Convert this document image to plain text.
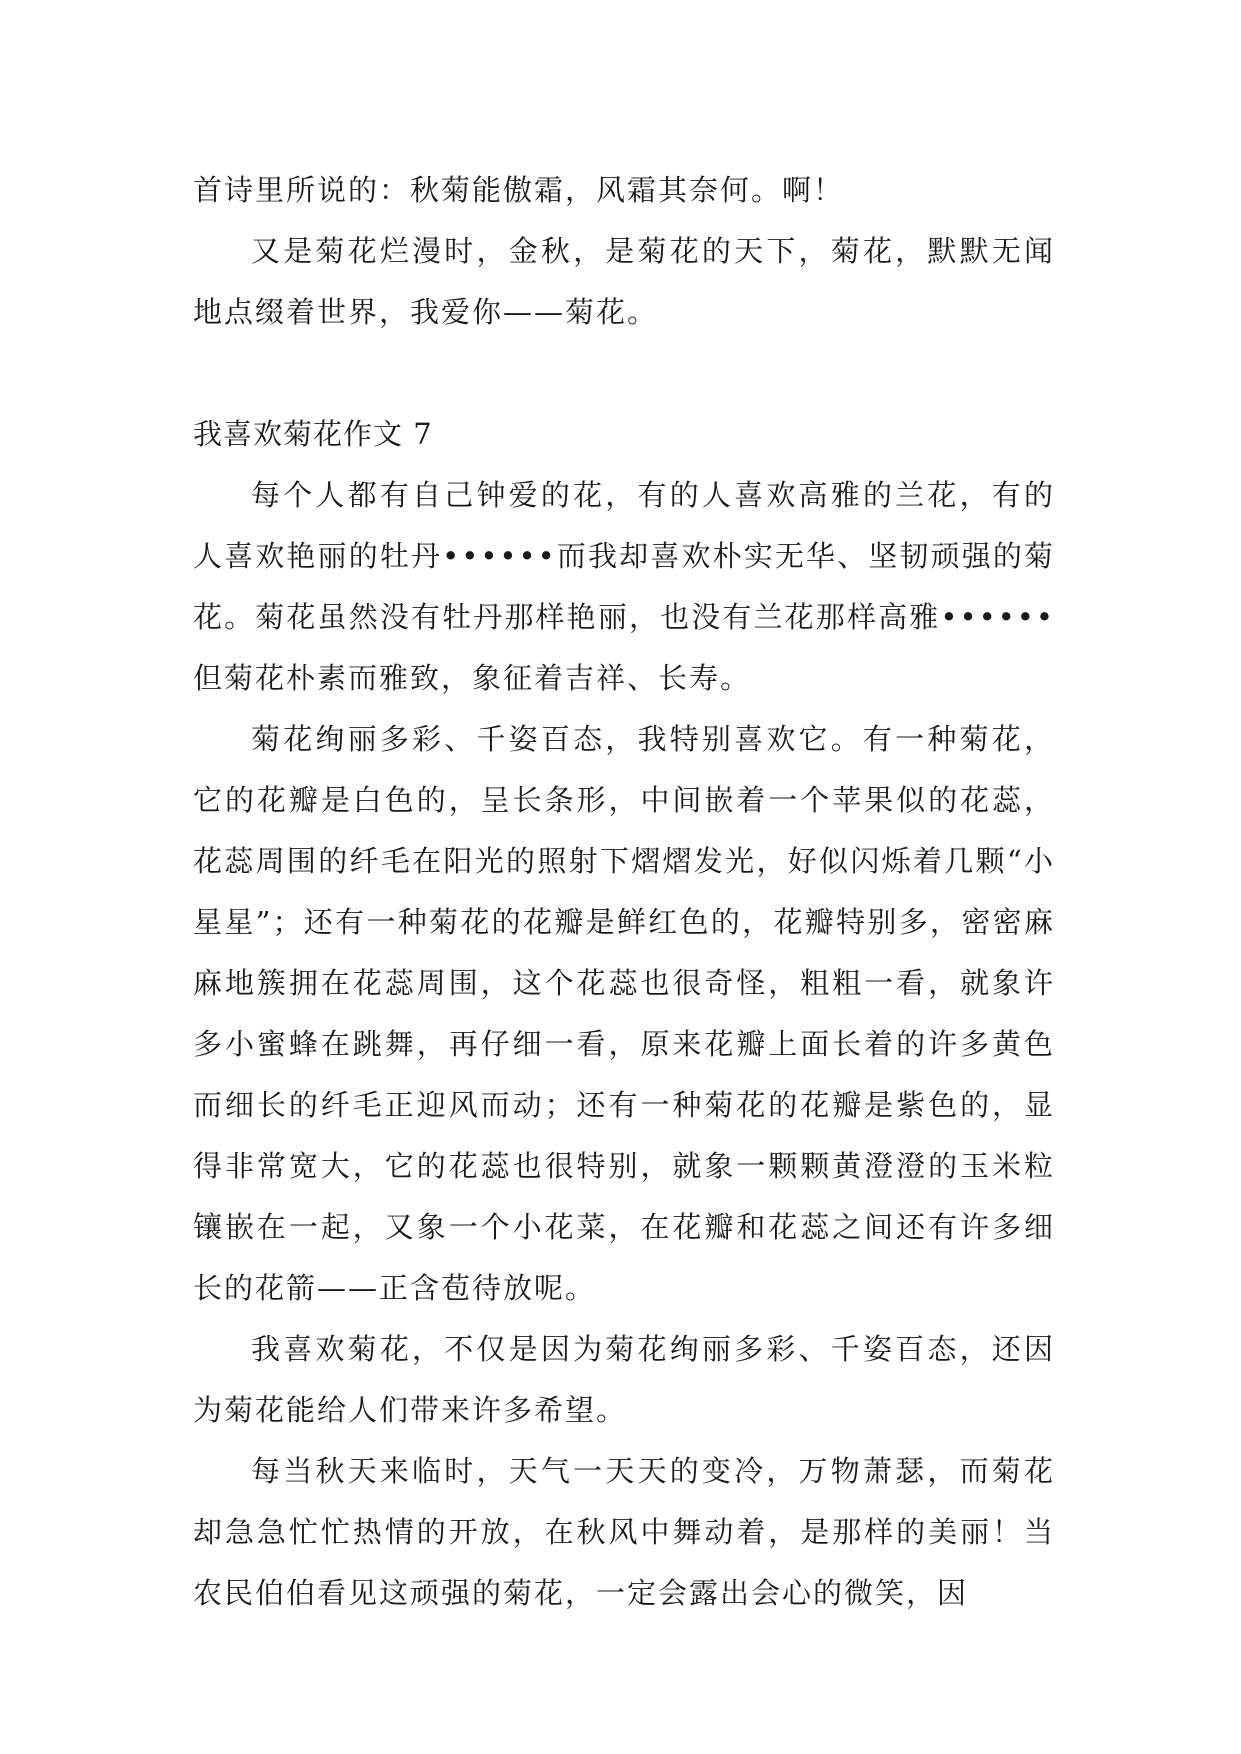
首诗里所说的：秋菊能傲霜，风霜其奈何。啊！

又是菊花烂漫时，金秋，是菊花的天下，菊花，默默无闻地点缀着世界，我爱你——菊花。

我喜欢菊花作文 7

每个人都有自己钟爱的花，有的人喜欢高雅的兰花，有的人喜欢艳丽的牡丹••••••而我却喜欢朴实无华、坚韧顽强的菊花。菊花虽然没有牡丹那样艳丽，也没有兰花那样高雅••••••但菊花朴素而雅致，象征着吉祥、长寿。

菊花绚丽多彩、千姿百态，我特别喜欢它。有一种菊花，它的花瓣是白色的，呈长条形，中间嵌着一个苹果似的花蕊，花蕊周围的纤毛在阳光的照射下熠熠发光，好似闪烁着几颗“小星星”；还有一种菊花的花瓣是鲜红色的，花瓣特别多，密密麻麻地簇拥在花蕊周围，这个花蕊也很奇怪，粗粗一看，就象许多小蜜蜂在跳舞，再仔细一看，原来花瓣上面长着的许多黄色而细长的纤毛正迎风而动；还有一种菊花的花瓣是紫色的，显得非常宽大，它的花蕊也很特别，就象一颗颗黄澄澄的玉米粒镶嵌在一起，又象一个小花菜，在花瓣和花蕊之间还有许多细长的花箭——正含苞待放呢。

我喜欢菊花，不仅是因为菊花绚丽多彩、千姿百态，还因为菊花能给人们带来许多希望。

每当秋天来临时，天气一天天的变冷，万物萧瑟，而菊花却急急忙忙热情的开放，在秋风中舞动着，是那样的美丽！当农民伯伯看见这顽强的菊花，一定会露出会心的微笑，因
